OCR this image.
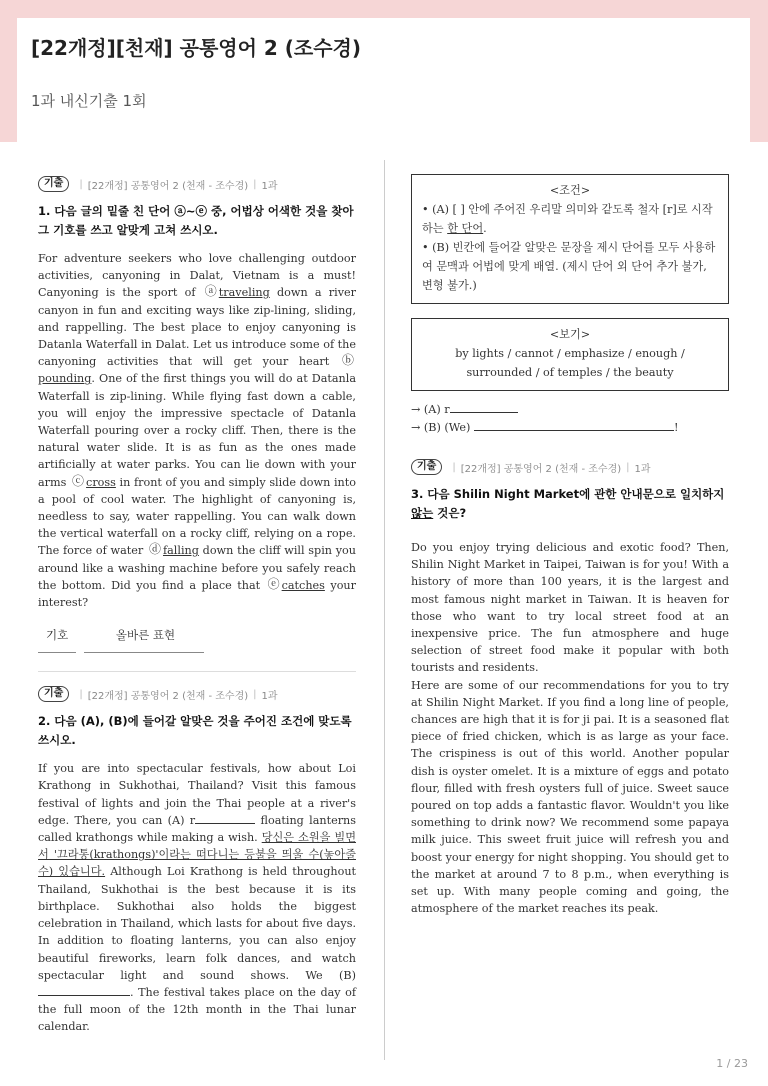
[22개정][천재] 공통영어 2 (조수경)
1과 내신기출 1회
기출	| [22개정] 공통영어 2 (천재 - 조수경) | 1과
1. 다음 글의 밑줄 친 단어 ⓐ~ⓔ 중, 어법상 어색한 것을 찾아 그 기호를 쓰고 알맞게 고쳐 쓰시오.
For adventure seekers who love challenging outdoor activities, canyoning in Dalat, Vietnam is a must! Canyoning is the sport of ⓐ traveling down a river canyon in fun and exciting ways like zip-lining, sliding, and rappelling. The best place to enjoy canyoning is Datanla Waterfall in Dalat. Let us introduce some of the canyoning activities that will get your heart ⓑpounding. One of the first things you will do at Datanla Waterfall is zip-lining. While flying fast down a cable, you will enjoy the impressive spectacle of Datanla Waterfall pouring over a rocky cliff. Then, there is the natural water slide. It is as fun as the ones made artificially at water parks. You can lie down with your arms ⓒ cross in front of you and simply slide down into a pool of cool water. The highlight of canyoning is, needless to say, water rappelling. You can walk down the vertical waterfall on a rocky cliff, relying on a rope. The force of water ⓓ falling down the cliff will spin you around like a washing machine before you safely reach the bottom. Did you find a place that ⓔ catches your interest?
기호	올바른 표현
기출	| [22개정] 공통영어 2 (천재 - 조수경) | 1과
2. 다음 (A), (B)에 들어갈 알맞은 것을 주어진 조건에 맞도록 쓰시오.
If you are into spectacular festivals, how about Loi Krathong in Sukhothai, Thailand? Visit this famous festival of lights and join the Thai people at a river's edge. There, you can (A) r	floating lanterns called krathongs while making a wish. 당신은 소원을 빌면서 '끄라통(krathongs)'이라는 떠다니는 등불을 띄울 수(놓아줄 수) 있습니다. Although Loi Krathong is held throughout Thailand, Sukhothai is the best because it is its birthplace. Sukhothai also holds the biggest celebration in Thailand, which lasts for about five days. In addition to floating lanterns, you can also enjoy beautiful fireworks, learn folk dances, and watch spectacular light and sound shows. We (B) . The festival takes place on the day of the full moon of the 12th month in the Thai lunar calendar.
<조건>
• (A) [ ] 안에 주어진 우리말 의미와 같도록 철자 [r]로 시작하는 한 단어.
• (B) 빈칸에 들어갈 알맞은 문장을 제시 단어를 모두 사용하여 문맥과 어법에 맞게 배열. (제시 단어 외 단어 추가 불가, 변형 불가.)
<보기>
by lights / cannot / emphasize / enough / surrounded / of temples / the beauty
→ (A) r
→ (B) (We)	!
기출	| [22개정] 공통영어 2 (천재 - 조수경) | 1과
3. 다음 Shilin Night Market에 관한 안내문으로 일치하지 않는 것은?
Do you enjoy trying delicious and exotic food? Then, Shilin Night Market in Taipei, Taiwan is for you! With a history of more than 100 years, it is the largest and most famous night market in Taiwan. It is heaven for those who want to try local street food at an inexpensive price. The fun atmosphere and huge selection of street food make it popular with both tourists and residents.
Here are some of our recommendations for you to try at Shilin Night Market. If you find a long line of people, chances are high that it is for ji pai. It is a seasoned flat piece of fried chicken, which is as large as your face. The crispiness is out of this world. Another popular dish is oyster omelet. It is a mixture of eggs and potato flour, filled with fresh oysters full of juice. Sweet sauce poured on top adds a fantastic flavor. Wouldn't you like something to drink now? We recommend some papaya milk juice. This sweet fruit juice will refresh you and boost your energy for night shopping. You should get to the market at around 7 to 8 p.m., when everything is set up. With many people coming and going, the atmosphere of the market reaches its peak.
1 / 23
